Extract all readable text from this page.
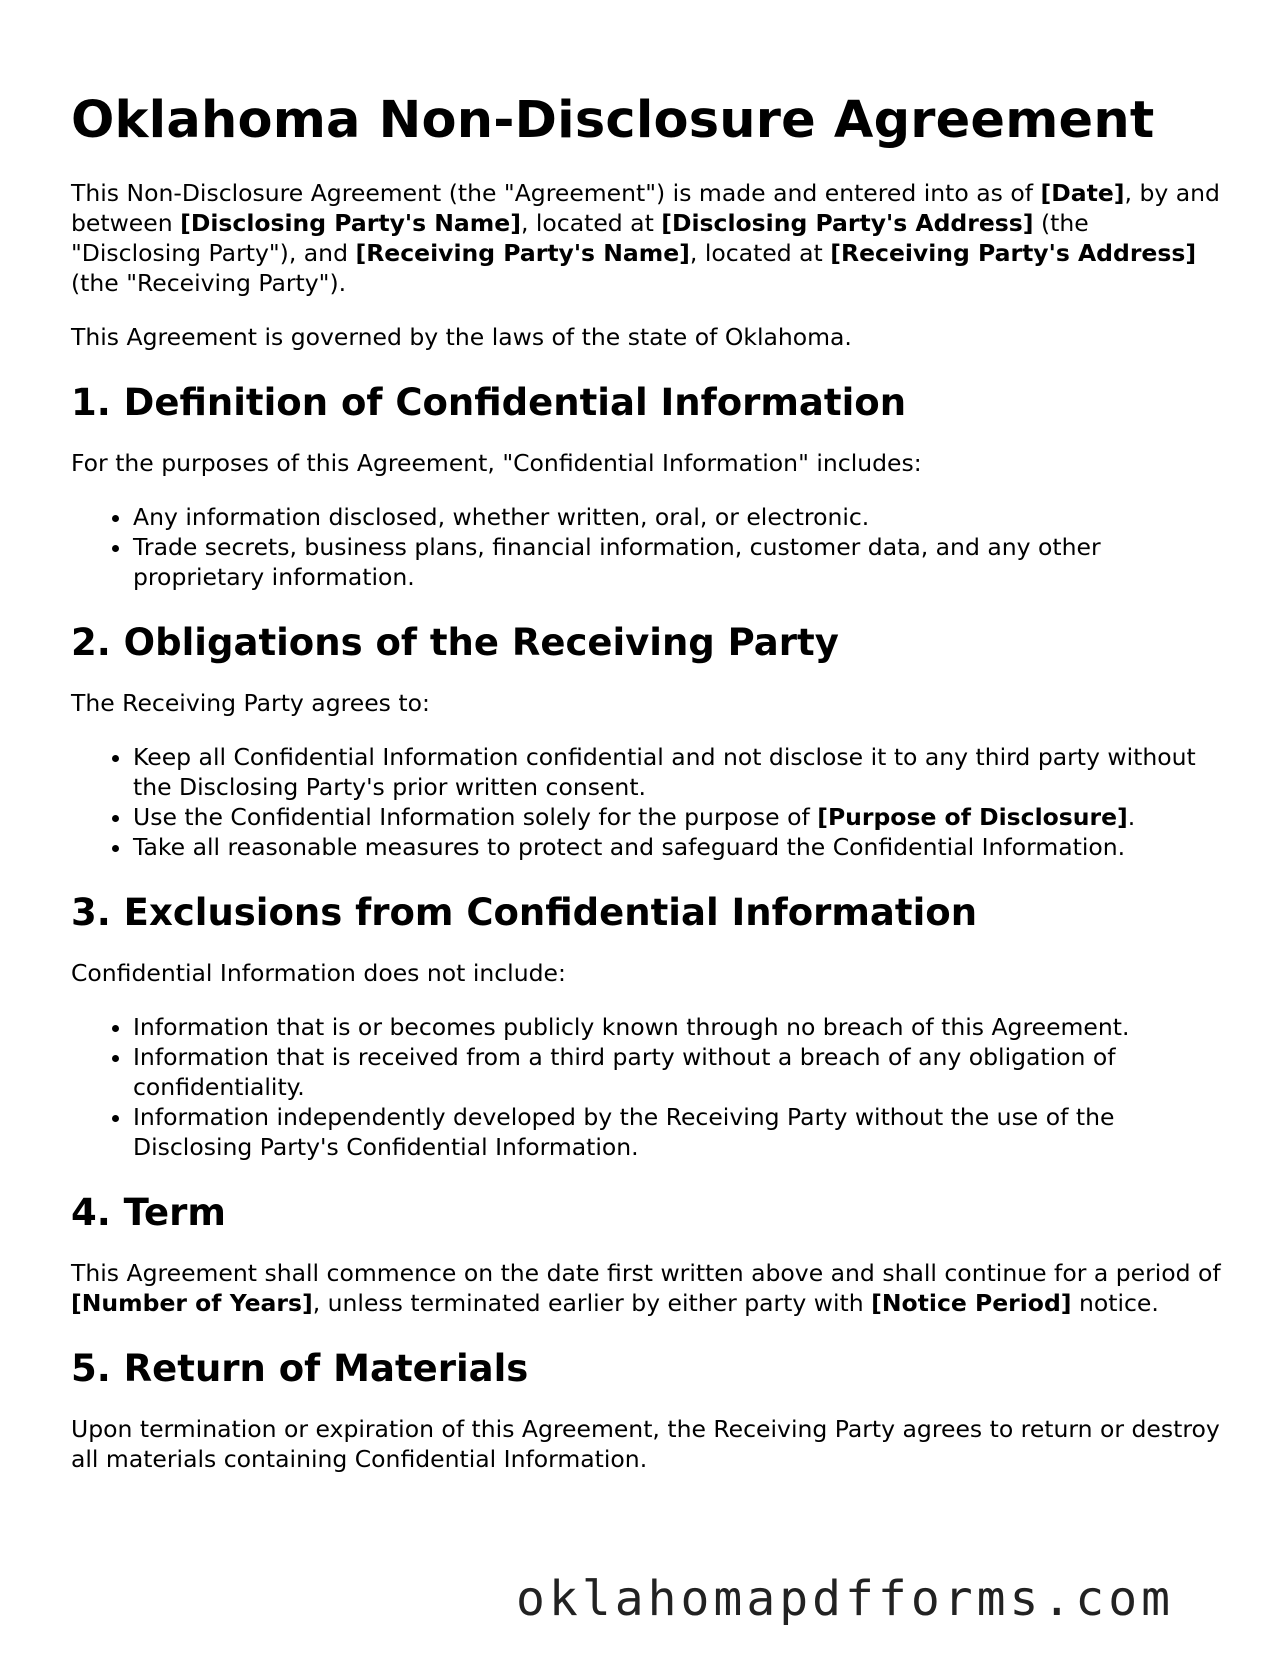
Oklahoma Non-Disclosure Agreement

This Non-Disclosure Agreement (the "Agreement") is made and entered into as of [Date], by and between [Disclosing Party's Name], located at [Disclosing Party's Address] (the "Disclosing Party"), and [Receiving Party's Name], located at [Receiving Party's Address] (the "Receiving Party").

This Agreement is governed by the laws of the state of Oklahoma.

1. Definition of Confidential Information

For the purposes of this Agreement, "Confidential Information" includes:

• Any information disclosed, whether written, oral, or electronic.
• Trade secrets, business plans, financial information, customer data, and any other proprietary information.
2. Obligations of the Receiving Party

The Receiving Party agrees to:

• Keep all Confidential Information confidential and not disclose it to any third party without the Disclosing Party's prior written consent.
• Use the Confidential Information solely for the purpose of [Purpose of Disclosure].
• Take all reasonable measures to protect and safeguard the Confidential Information.
3. Exclusions from Confidential Information

Confidential Information does not include:

• Information that is or becomes publicly known through no breach of this Agreement.
• Information that is received from a third party without a breach of any obligation of confidentiality.
• Information independently developed by the Receiving Party without the use of the Disclosing Party's Confidential Information.
4. Term

This Agreement shall commence on the date first written above and shall continue for a period of [Number of Years], unless terminated earlier by either party with [Notice Period] notice.

5. Return of Materials

Upon termination or expiration of this Agreement, the Receiving Party agrees to return or destroy all materials containing Confidential Information.

oklahomapdfforms.com
